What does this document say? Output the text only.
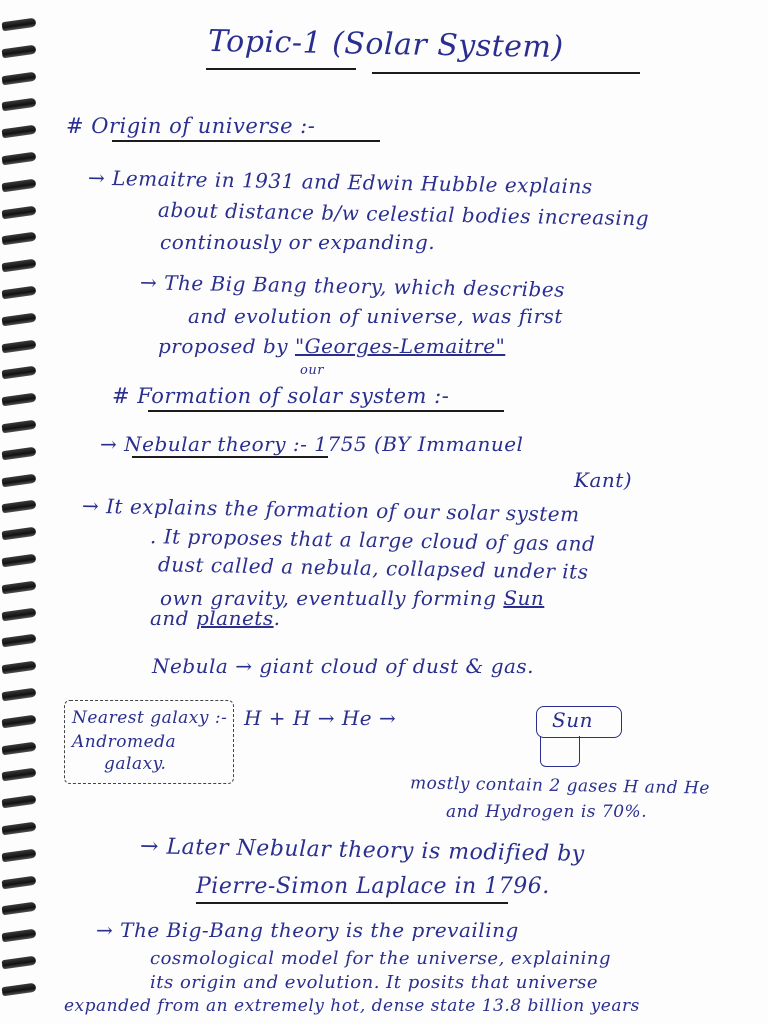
Topic-1 (Solar System)
# Origin of universe :-
→ Lemaitre in 1931 and Edwin Hubble explains
about distance b/w celestial bodies increasing
continously or expanding.
→ The Big Bang theory, which describes
and evolution of universe, was first
proposed by "Georges-Lemaitre"
our
# Formation of solar system :-
→ Nebular theory :- 1755 (BY Immanuel
Kant)
→ It explains the formation of our solar system
. It proposes that a large cloud of gas and
dust called a nebula, collapsed under its
own gravity, eventually forming Sun
and planets.
Nebula → giant cloud of dust & gas.
Nearest galaxy :-
Andromeda
galaxy.
H + H → He →	Sun
mostly contain 2 gases H and He
and Hydrogen is 70%.
→ Later Nebular theory is modified by
Pierre-Simon Laplace in 1796.
→ The Big-Bang theory is the prevailing
cosmological model for the universe, explaining
its origin and evolution. It posits that universe
expanded from an extremely hot, dense state 13.8 billion years
